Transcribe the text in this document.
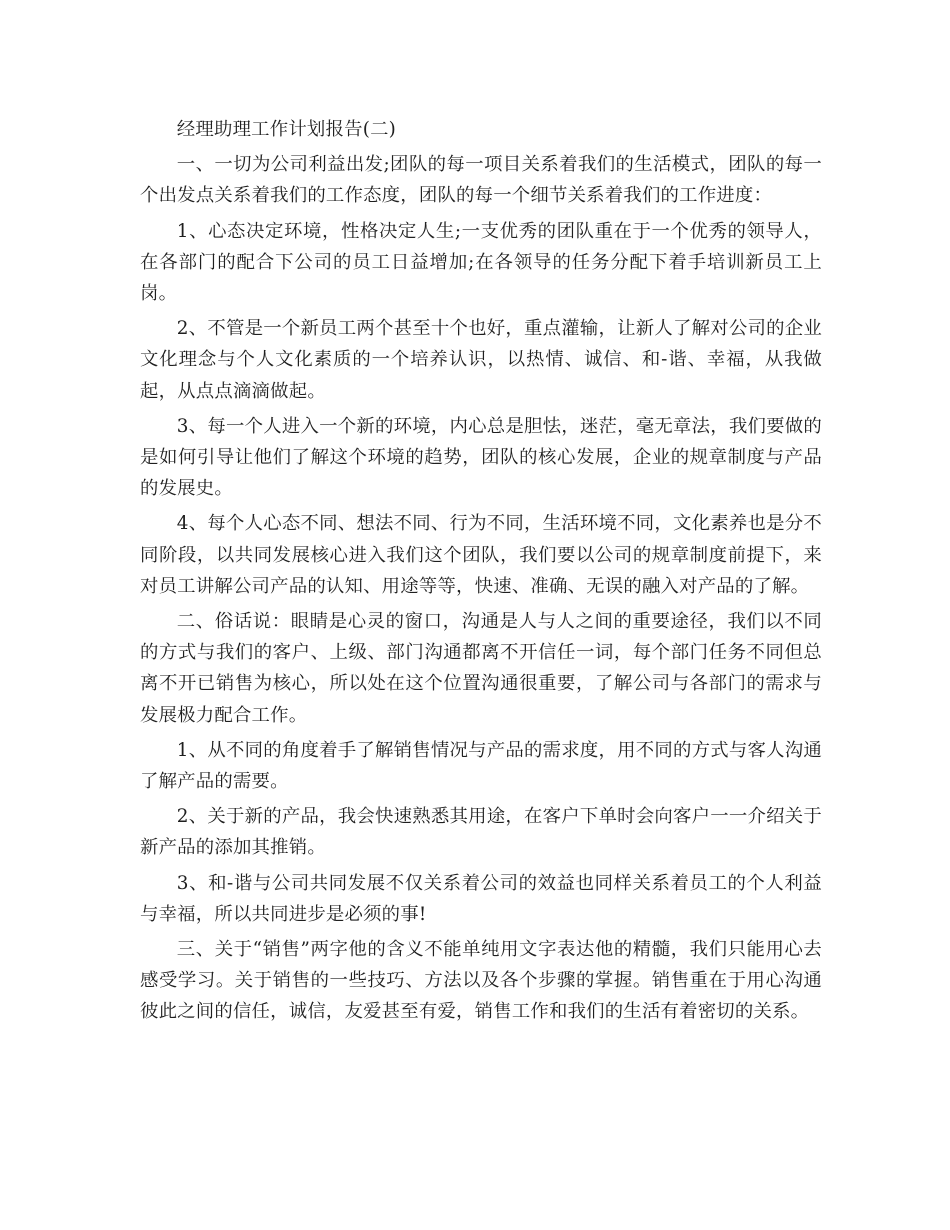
经理助理工作计划报告(二)

一、一切为公司利益出发;团队的每一项目关系着我们的生活模式，团队的每一个出发点关系着我们的工作态度，团队的每一个细节关系着我们的工作进度：

1、心态决定环境，性格决定人生;一支优秀的团队重在于一个优秀的领导人，在各部门的配合下公司的员工日益增加;在各领导的任务分配下着手培训新员工上岗。

2、不管是一个新员工两个甚至十个也好，重点灌输，让新人了解对公司的企业文化理念与个人文化素质的一个培养认识，以热情、诚信、和-谐、幸福，从我做起，从点点滴滴做起。

3、每一个人进入一个新的环境，内心总是胆怯，迷茫，毫无章法，我们要做的是如何引导让他们了解这个环境的趋势，团队的核心发展，企业的规章制度与产品的发展史。

4、每个人心态不同、想法不同、行为不同，生活环境不同，文化素养也是分不同阶段，以共同发展核心进入我们这个团队，我们要以公司的规章制度前提下，来对员工讲解公司产品的认知、用途等等，快速、准确、无误的融入对产品的了解。

二、俗话说：眼睛是心灵的窗口，沟通是人与人之间的重要途径，我们以不同的方式与我们的客户、上级、部门沟通都离不开信任一词，每个部门任务不同但总离不开已销售为核心，所以处在这个位置沟通很重要，了解公司与各部门的需求与发展极力配合工作。

1、从不同的角度着手了解销售情况与产品的需求度，用不同的方式与客人沟通了解产品的需要。

2、关于新的产品，我会快速熟悉其用途，在客户下单时会向客户一一介绍关于新产品的添加其推销。

3、和-谐与公司共同发展不仅关系着公司的效益也同样关系着员工的个人利益与幸福，所以共同进步是必须的事!

三、关于“销售”两字他的含义不能单纯用文字表达他的精髓，我们只能用心去感受学习。关于销售的一些技巧、方法以及各个步骤的掌握。销售重在于用心沟通彼此之间的信任，诚信，友爱甚至有爱，销售工作和我们的生活有着密切的关系。
